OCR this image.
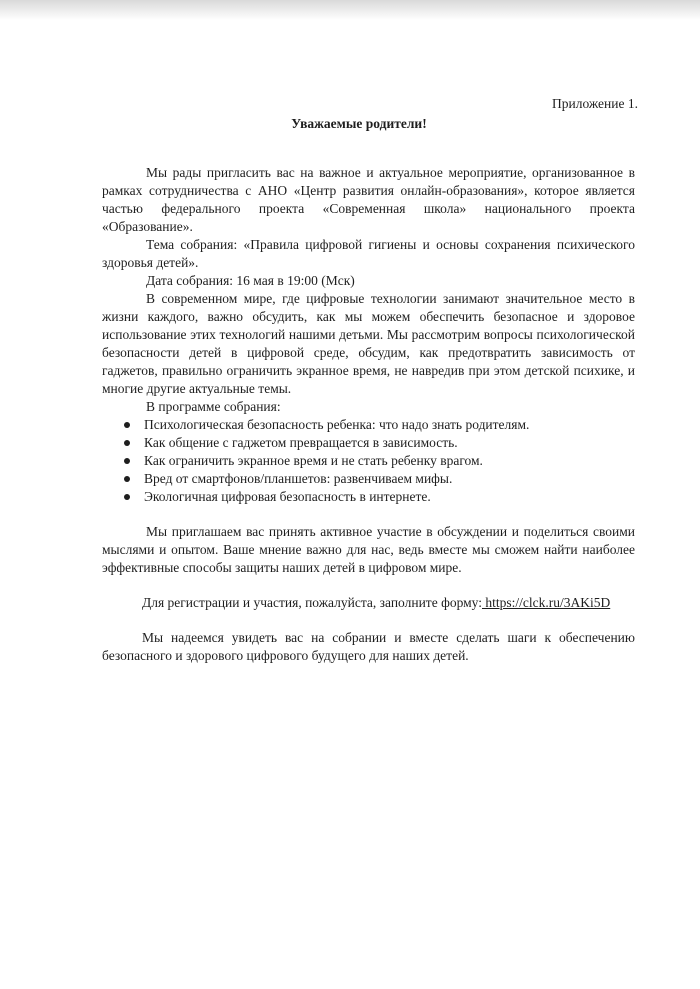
Приложение 1.
Уважаемые родители!

Мы рады пригласить вас на важное и актуальное мероприятие, организованное в рамках сотрудничества с АНО «Центр развития онлайн-образования», которое является частью федерального проекта «Современная школа» национального проекта «Образование».

Тема собрания: «Правила цифровой гигиены и основы сохранения психического здоровья детей».

Дата собрания: 16 мая в 19:00 (Мск)

В современном мире, где цифровые технологии занимают значительное место в жизни каждого, важно обсудить, как мы можем обеспечить безопасное и здоровое использование этих технологий нашими детьми. Мы рассмотрим вопросы психологической безопасности детей в цифровой среде, обсудим, как предотвратить зависимость от гаджетов, правильно ограничить экранное время, не навредив при этом детской психике, и многие другие актуальные темы.

В программе собрания:

Психологическая безопасность ребенка: что надо знать родителям.
Как общение с гаджетом превращается в зависимость.
Как ограничить экранное время и не стать ребенку врагом.
Вред от смартфонов/планшетов: развенчиваем мифы.
Экологичная цифровая безопасность в интернете.

Мы приглашаем вас принять активное участие в обсуждении и поделиться своими мыслями и опытом. Ваше мнение важно для нас, ведь вместе мы сможем найти наиболее эффективные способы защиты наших детей в цифровом мире.

Для регистрации и участия, пожалуйста, заполните форму: https://clck.ru/3AKi5D

Мы надеемся увидеть вас на собрании и вместе сделать шаги к обеспечению безопасного и здорового цифрового будущего для наших детей.
